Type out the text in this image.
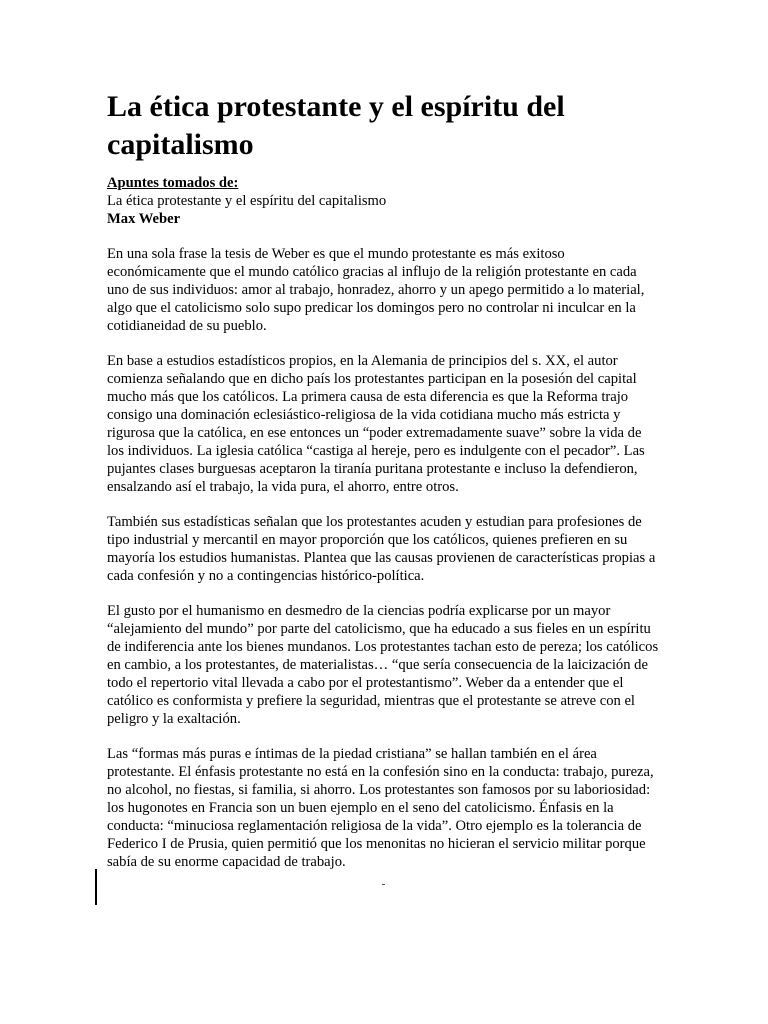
La ética protestante y el espíritu del capitalismo

Apuntes tomados de:
La ética protestante y el espíritu del capitalismo
Max Weber

En una sola frase la tesis de Weber es que el mundo protestante es más exitoso económicamente que el mundo católico gracias al influjo de la religión protestante en cada uno de sus individuos: amor al trabajo, honradez, ahorro y un apego permitido a lo material, algo que el catolicismo solo supo predicar los domingos pero no controlar ni inculcar en la cotidianeidad de su pueblo.

En base a estudios estadísticos propios, en la Alemania de principios del s. XX, el autor comienza señalando que en dicho país los protestantes participan en la posesión del capital mucho más que los católicos. La primera causa de esta diferencia es que la Reforma trajo consigo una dominación eclesiástico-religiosa de la vida cotidiana mucho más estricta y rigurosa que la católica, en ese entonces un “poder extremadamente suave” sobre la vida de los individuos. La iglesia católica “castiga al hereje, pero es indulgente con el pecador”. Las pujantes clases burguesas aceptaron la tiranía puritana protestante e incluso la defendieron, ensalzando así el trabajo, la vida pura, el ahorro, entre otros.

También sus estadísticas señalan que los protestantes acuden y estudian para profesiones de tipo industrial y mercantil en mayor proporción que los católicos, quienes prefieren en su mayoría los estudios humanistas. Plantea que las causas provienen de características propias a cada confesión y no a contingencias histórico-política.

El gusto por el humanismo en desmedro de la ciencias podría explicarse por un mayor “alejamiento del mundo” por parte del catolicismo, que ha educado a sus fieles en un espíritu de indiferencia ante los bienes mundanos. Los protestantes tachan esto de pereza; los católicos en cambio, a los protestantes, de materialistas… “que sería consecuencia de la laicización de todo el repertorio vital llevada a cabo por el protestantismo”. Weber da a entender que el católico es conformista y prefiere la seguridad, mientras que el protestante se atreve con el peligro y la exaltación.

Las “formas más puras e íntimas de la piedad cristiana” se hallan también en el área protestante. El énfasis protestante no está en la confesión sino en la conducta: trabajo, pureza, no alcohol, no fiestas, si familia, si ahorro. Los protestantes son famosos por su laboriosidad: los hugonotes en Francia son un buen ejemplo en el seno del catolicismo. Énfasis en la conducta: “minuciosa reglamentación religiosa de la vida”. Otro ejemplo es la tolerancia de Federico I de Prusia, quien permitió que los menonitas no hicieran el servicio militar porque sabía de su enorme capacidad de trabajo.
